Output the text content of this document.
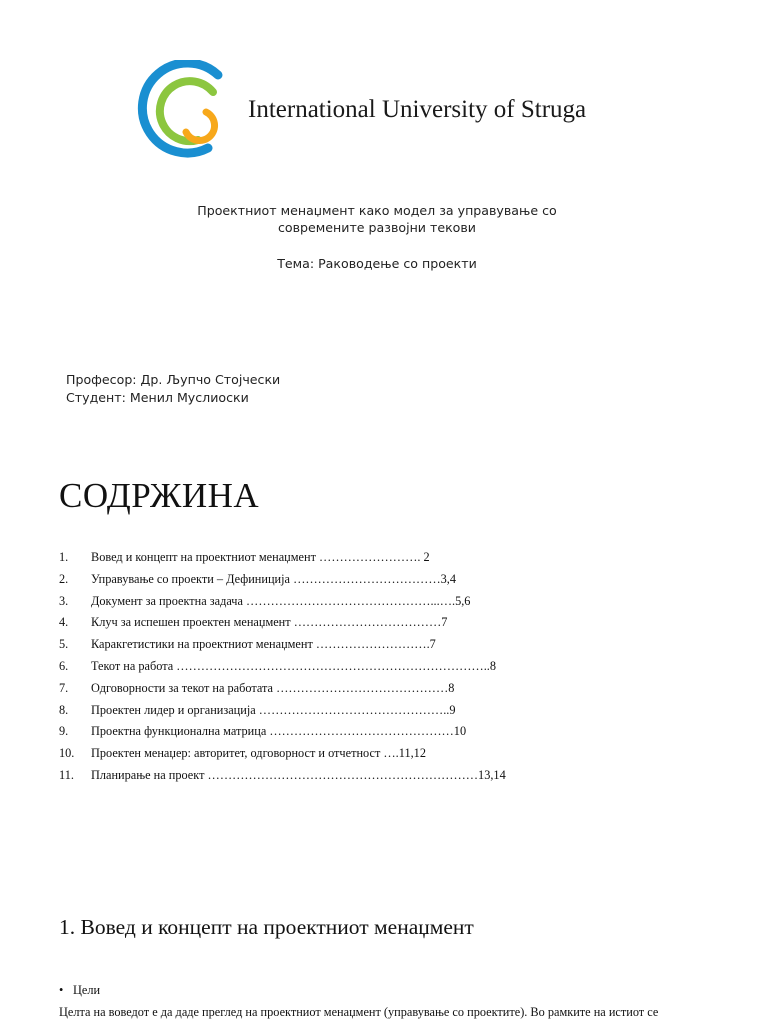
International University of Struga
Проектниот менаџмент како модел за управување со
современите развојни текови
Тема: Раководење со проекти
Професор: Др. Љупчо Стојчески
Студент: Менил Муслиоски
СОДРЖИНА
1. Вовед и концепт на проектниот менаџмент ……………………. 2
2. Управување со проекти – Дефиниција ………………………………3,4
3. Документ за проектна задача ………………………………………...….5,6
4. Клуч за испешен проектен менаџмент ………………………………7
5. Каракгетистики на проектниот менаџмент ……………………….7
6. Текот на работа …………………………………………………………………..8
7. Одговорности за текот на работата ……………………………………8
8. Проектен лидер и организација ………………………………………..9
9. Проектна функционална матрица ………………………………………10
10. Проектен менаџер: авторитет, одговорност и отчетност ….11,12
11. Планирање на проект …………………………………………………………13,14
1. Вовед и концепт на проектниот менаџмент
• Цели
Целта на воведот е да даде преглед на проектниот менаџмент (управување со проектите). Во рамките на истиот се
